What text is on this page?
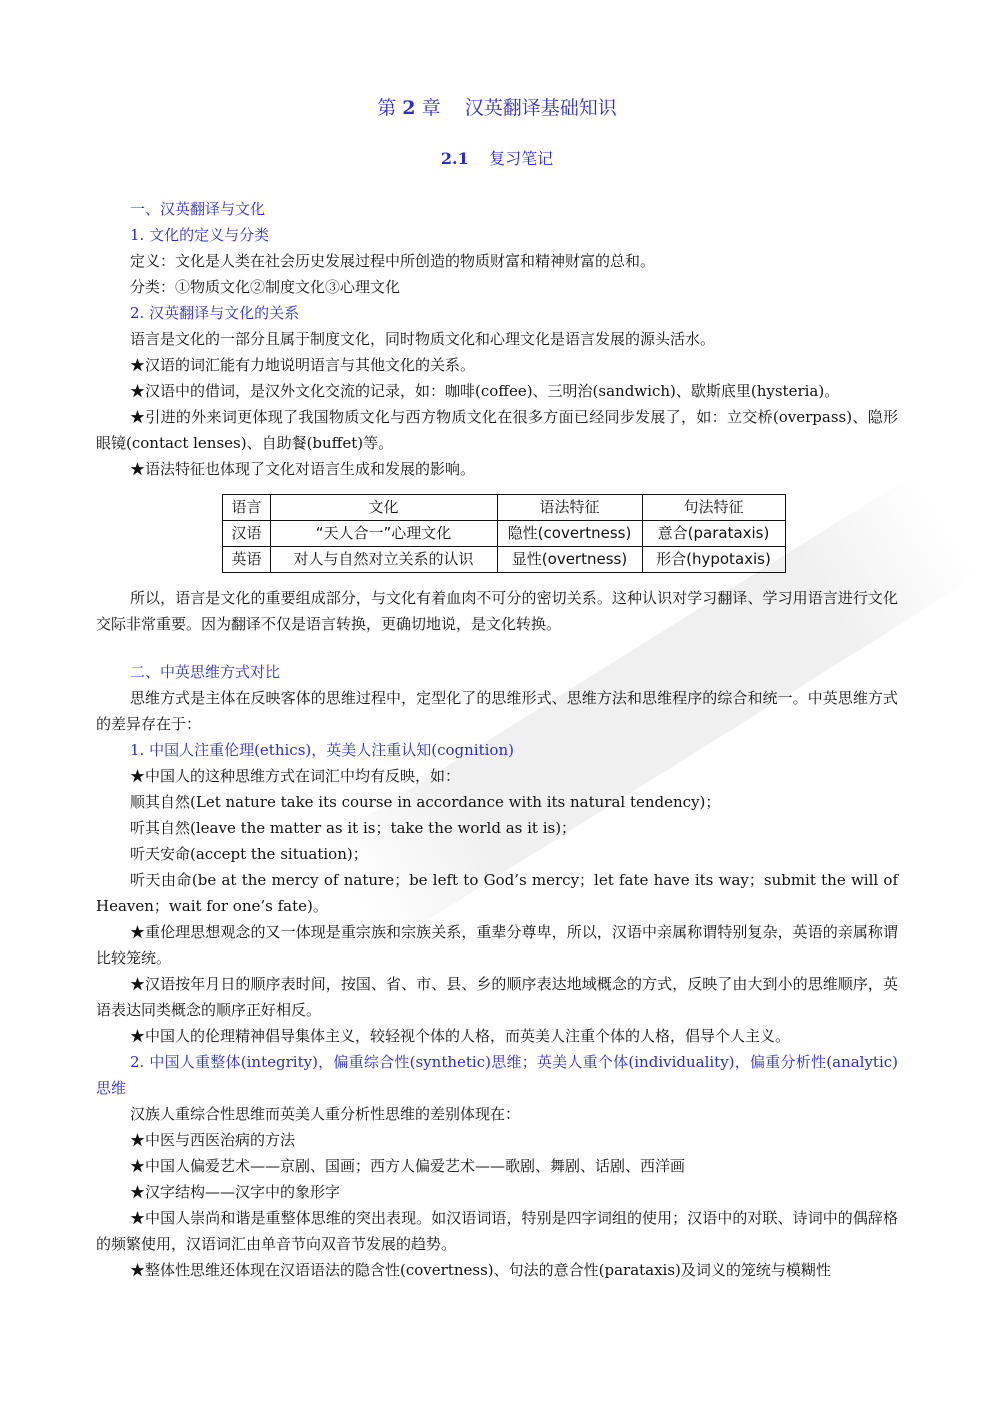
第 2 章 汉英翻译基础知识
2.1 复习笔记

一、汉英翻译与文化

1. 文化的定义与分类

定义：文化是人类在社会历史发展过程中所创造的物质财富和精神财富的总和。

分类：①物质文化②制度文化③心理文化

2. 汉英翻译与文化的关系

语言是文化的一部分且属于制度文化，同时物质文化和心理文化是语言发展的源头活水。

★汉语的词汇能有力地说明语言与其他文化的关系。

★汉语中的借词，是汉外文化交流的记录，如：咖啡(coffee)、三明治(sandwich)、歇斯底里(hysteria)。

★引进的外来词更体现了我国物质文化与西方物质文化在很多方面已经同步发展了，如：立交桥(overpass)、隐形眼镜(contact lenses)、自助餐(buffet)等。

★语法特征也体现了文化对语言生成和发展的影响。

语言	文化	语法特征	句法特征
汉语	“天人合一”心理文化	隐性(covertness)	意合(parataxis)
英语	对人与自然对立关系的认识	显性(overtness)	形合(hypotaxis)

所以，语言是文化的重要组成部分，与文化有着血肉不可分的密切关系。这种认识对学习翻译、学习用语言进行文化交际非常重要。因为翻译不仅是语言转换，更确切地说，是文化转换。

二、中英思维方式对比

思维方式是主体在反映客体的思维过程中，定型化了的思维形式、思维方法和思维程序的综合和统一。中英思维方式的差异存在于：

1. 中国人注重伦理(ethics)，英美人注重认知(cognition)

★中国人的这种思维方式在词汇中均有反映，如：

顺其自然(Let nature take its course in accordance with its natural tendency)；

听其自然(leave the matter as it is；take the world as it is)；

听天安命(accept the situation)；

听天由命(be at the mercy of nature；be left to God’s mercy；let fate have its way；submit the will of Heaven；wait for one’s fate)。

★重伦理思想观念的又一体现是重宗族和宗族关系，重辈分尊卑，所以，汉语中亲属称谓特别复杂，英语的亲属称谓比较笼统。

★汉语按年月日的顺序表时间，按国、省、市、县、乡的顺序表达地域概念的方式，反映了由大到小的思维顺序，英语表达同类概念的顺序正好相反。

★中国人的伦理精神倡导集体主义，较轻视个体的人格，而英美人注重个体的人格，倡导个人主义。

2. 中国人重整体(integrity)，偏重综合性(synthetic)思维；英美人重个体(individuality)，偏重分析性(analytic)思维

汉族人重综合性思维而英美人重分析性思维的差别体现在：

★中医与西医治病的方法

★中国人偏爱艺术——京剧、国画；西方人偏爱艺术——歌剧、舞剧、话剧、西洋画

★汉字结构——汉字中的象形字

★中国人崇尚和谐是重整体思维的突出表现。如汉语词语，特别是四字词组的使用；汉语中的对联、诗词中的偶辞格的频繁使用，汉语词汇由单音节向双音节发展的趋势。

★整体性思维还体现在汉语语法的隐含性(covertness)、句法的意合性(parataxis)及词义的笼统与模糊性
